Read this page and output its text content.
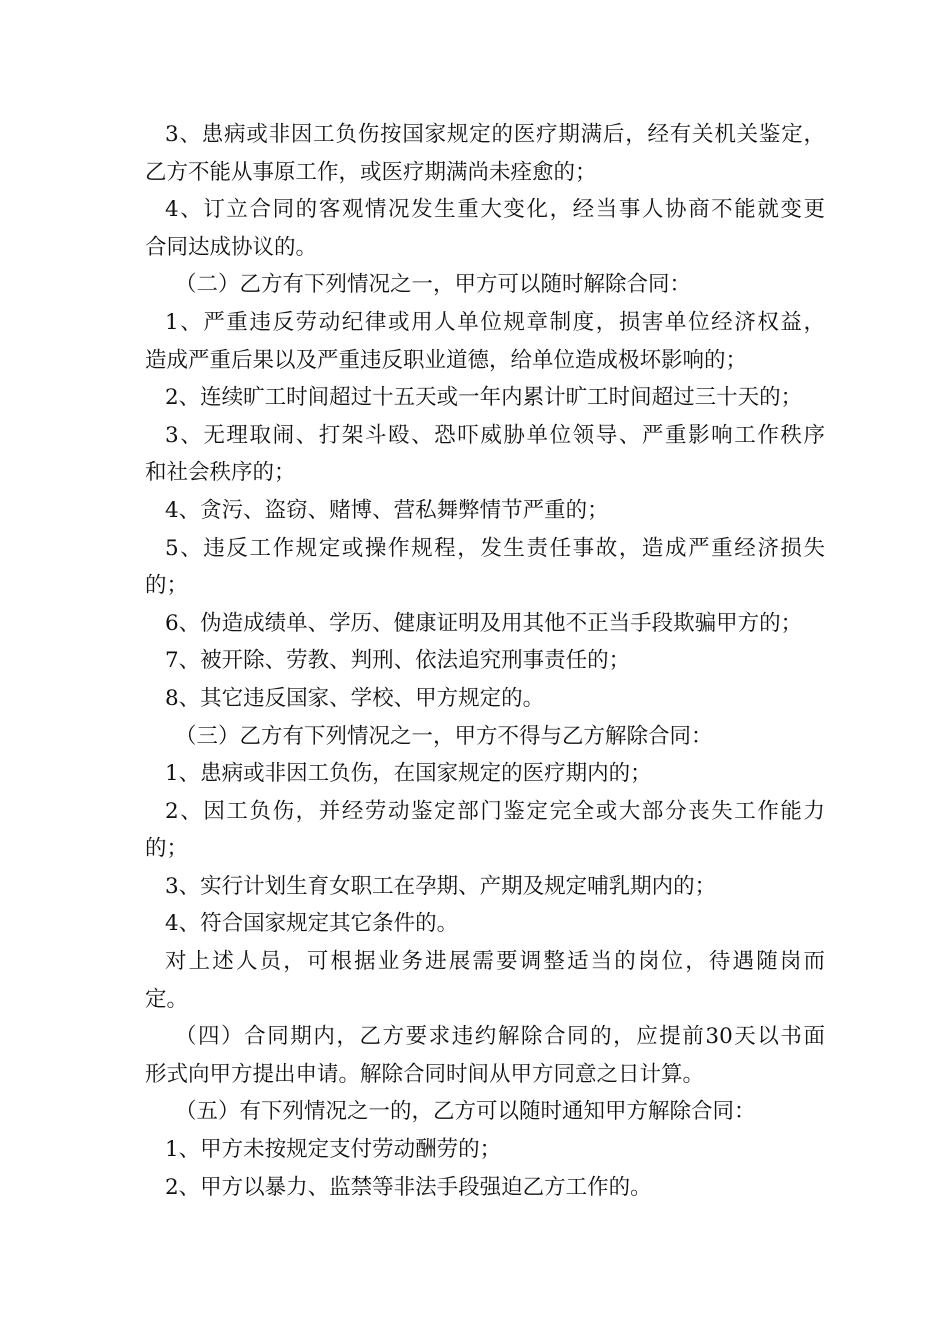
3、患病或非因工负伤按国家规定的医疗期满后，经有关机关鉴定，
乙方不能从事原工作，或医疗期满尚未痊愈的；
4、订立合同的客观情况发生重大变化，经当事人协商不能就变更
合同达成协议的。
（二）乙方有下列情况之一，甲方可以随时解除合同：
1、严重违反劳动纪律或用人单位规章制度，损害单位经济权益，
造成严重后果以及严重违反职业道德，给单位造成极坏影响的；
2、连续旷工时间超过十五天或一年内累计旷工时间超过三十天的；
3、无理取闹、打架斗殴、恐吓威胁单位领导、严重影响工作秩序
和社会秩序的；
4、贪污、盗窃、赌博、营私舞弊情节严重的；
5、违反工作规定或操作规程，发生责任事故，造成严重经济损失
的；
6、伪造成绩单、学历、健康证明及用其他不正当手段欺骗甲方的；
7、被开除、劳教、判刑、依法追究刑事责任的；
8、其它违反国家、学校、甲方规定的。
（三）乙方有下列情况之一，甲方不得与乙方解除合同：
1、患病或非因工负伤，在国家规定的医疗期内的；
2、因工负伤，并经劳动鉴定部门鉴定完全或大部分丧失工作能力
的；
3、实行计划生育女职工在孕期、产期及规定哺乳期内的；
4、符合国家规定其它条件的。
对上述人员，可根据业务进展需要调整适当的岗位，待遇随岗而
定。
（四）合同期内，乙方要求违约解除合同的，应提前30天以书面
形式向甲方提出申请。解除合同时间从甲方同意之日计算。
（五）有下列情况之一的，乙方可以随时通知甲方解除合同：
1、甲方未按规定支付劳动酬劳的；
2、甲方以暴力、监禁等非法手段强迫乙方工作的。
